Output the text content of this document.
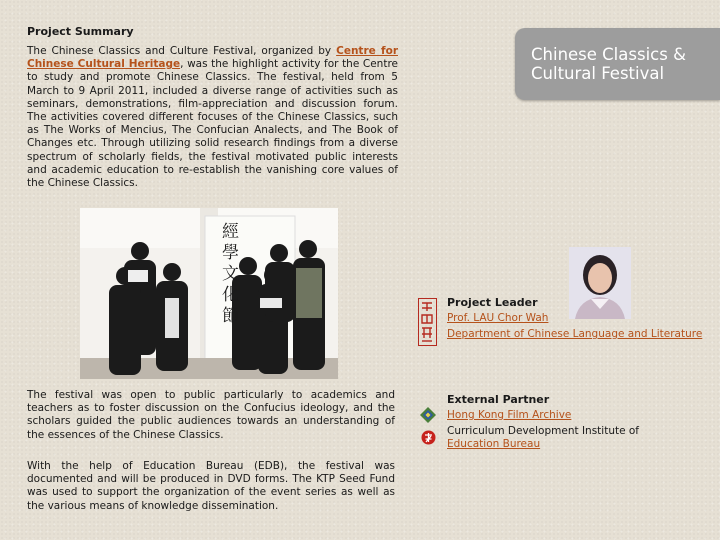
Project Summary

The Chinese Classics and Culture Festival, organized by Centre for Chinese Cultural Heritage, was the highlight activity for the Centre to study and promote Chinese Classics. The festival, held from 5 March to 9 April 2011, included a diverse range of activities such as seminars, demonstrations, film-appreciation and discussion forum. The activities covered different focuses of the Chinese Classics, such as The Works of Mencius, The Confucian Analects, and The Book of Changes etc. Through utilizing solid research findings from a diverse spectrum of scholarly fields, the festival motivated public interests and academic education to re-establish the vanishing core values of the Chinese Classics.

經
學
文
化
節

The festival was open to public particularly to academics and teachers as to foster discussion on the Confucius ideology, and the scholars guided the public audiences towards an understanding of the essences of the Chinese Classics.

With the help of Education Bureau (EDB), the festival was documented and will be produced in DVD forms. The KTP Seed Fund was used to support the organization of the event series as well as the various means of knowledge dissemination.

Chinese Classics & Cultural Festival
Project Leader
Prof. LAU Chor Wah
Department of Chinese Language and Literature
External Partner
Hong Kong Film Archive
Curriculum Development Institute of
Education Bureau
